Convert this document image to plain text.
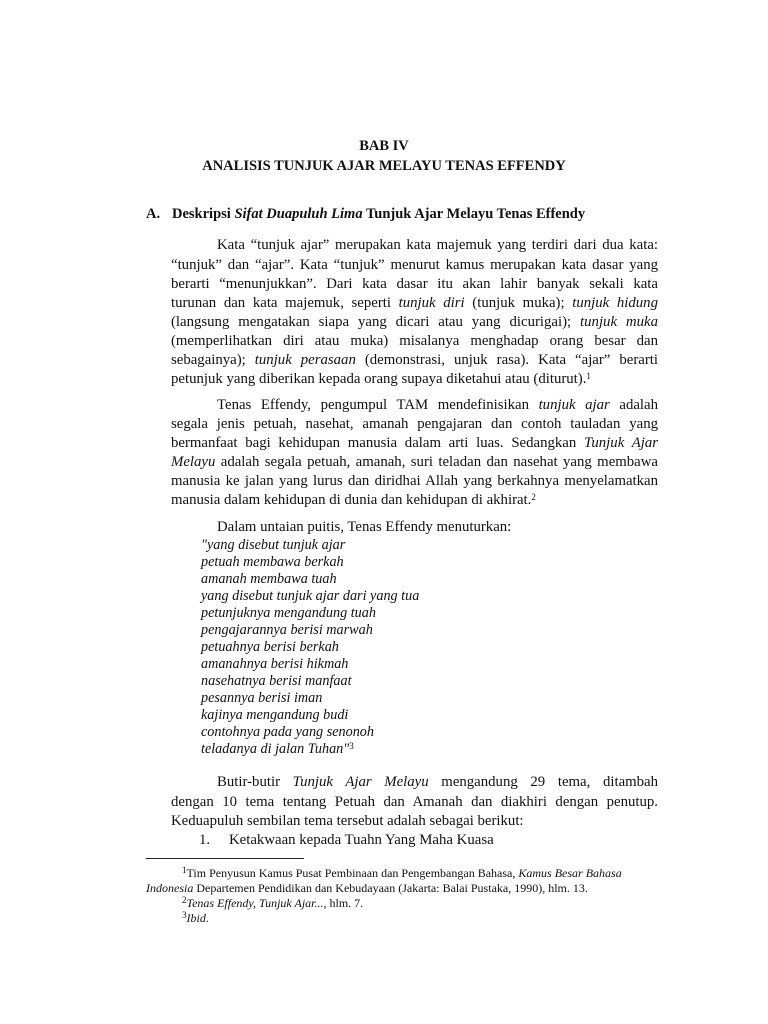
BAB IV
ANALISIS TUNJUK AJAR MELAYU TENAS EFFENDY
A. Deskripsi Sifat Duapuluh Lima Tunjuk Ajar Melayu Tenas Effendy
Kata “tunjuk ajar” merupakan kata majemuk yang terdiri dari dua kata:
“tunjuk” dan “ajar”. Kata “tunjuk” menurut kamus merupakan kata dasar yang
berarti “menunjukkan”. Dari kata dasar itu akan lahir banyak sekali kata
turunan dan kata majemuk, seperti tunjuk diri (tunjuk muka); tunjuk hidung
(langsung mengatakan siapa yang dicari atau yang dicurigai); tunjuk muka
(memperlihatkan diri atau muka) misalanya menghadap orang besar dan
sebagainya); tunjuk perasaan (demonstrasi, unjuk rasa). Kata “ajar” berarti
petunjuk yang diberikan kepada orang supaya diketahui atau (diturut).$^1$
Tenas Effendy, pengumpul TAM mendefinisikan tunjuk ajar adalah
segala jenis petuah, nasehat, amanah pengajaran dan contoh tauladan yang
bermanfaat bagi kehidupan manusia dalam arti luas. Sedangkan Tunjuk Ajar
Melayu adalah segala petuah, amanah, suri teladan dan nasehat yang membawa
manusia ke jalan yang lurus dan diridhai Allah yang berkahnya menyelamatkan
manusia dalam kehidupan di dunia dan kehidupan di akhirat.$^2$
Dalam untaian puitis, Tenas Effendy menuturkan:
"yang disebut tunjuk ajar
petuah membawa berkah
amanah membawa tuah
yang disebut tunjuk ajar dari yang tua
petunjuknya mengandung tuah
pengajarannya berisi marwah
petuahnya berisi berkah
amanahnya berisi hikmah
nasehatnya berisi manfaat
pesannya berisi iman
kajinya mengandung budi
contohnya pada yang senonoh
teladanya di jalan Tuhan"$^3$
Butir-butir Tunjuk Ajar Melayu mengandung 29 tema, ditambah
dengan 10 tema tentang Petuah dan Amanah dan diakhiri dengan penutup.
Keduapuluh sembilan tema tersebut adalah sebagai berikut:
1. Ketakwaan kepada Tuahn Yang Maha Kuasa
$^1$Tim Penyusun Kamus Pusat Pembinaan dan Pengembangan Bahasa, Kamus Besar Bahasa
Indonesia Departemen Pendidikan dan Kebudayaan (Jakarta: Balai Pustaka, 1990), hlm. 13.
$^2$Tenas Effendy, Tunjuk Ajar..., hlm. 7.
$^3$Ibid.
